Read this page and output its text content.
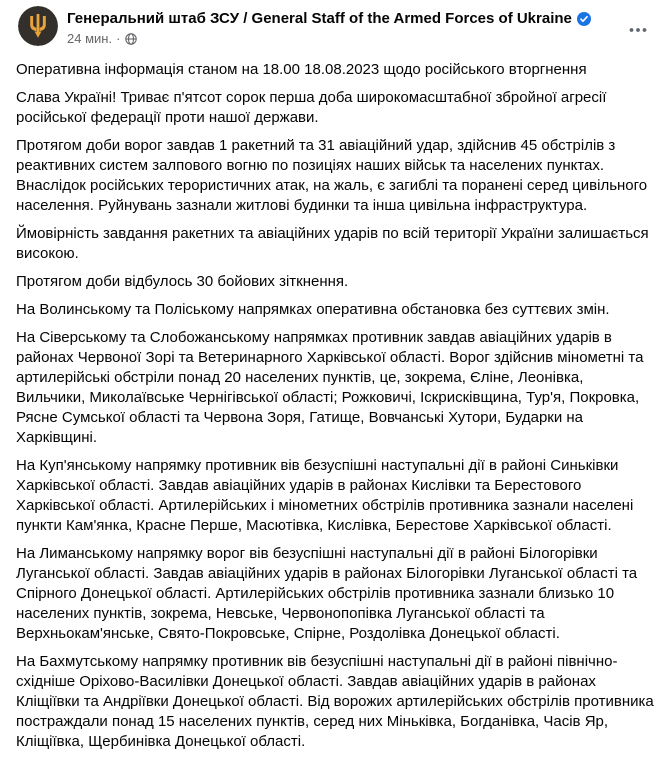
Генеральний штаб ЗСУ / General Staff of the Armed Forces of Ukraine
24 мин. ·

Оперативна інформація станом на 18.00 18.08.2023 щодо російського вторгнення

Слава Україні! Триває п'ятсот сорок перша доба широкомасштабної збройної агресії російської федерації проти нашої держави.

Протягом доби ворог завдав 1 ракетний та 31 авіаційний удар, здійснив 45 обстрілів з реактивних систем залпового вогню по позиціях наших військ та населених пунктах. Внаслідок російських терористичних атак, на жаль, є загиблі та поранені серед цивільного населення. Руйнувань зазнали житлові будинки та інша цивільна інфраструктура.

Ймовірність завдання ракетних та авіаційних ударів по всій території України залишається високою.

Протягом доби відбулось 30 бойових зіткнення.

На Волинському та Поліському напрямках оперативна обстановка без суттєвих змін.

На Сіверському та Слобожанському напрямках противник завдав авіаційних ударів в районах Червоної Зорі та Ветеринарного Харківської області. Ворог здійснив мінометні та артилерійські обстріли понад 20 населених пунктів, це, зокрема, Єліне, Леонівка, Вильчики, Миколаївське Чернігівської області; Рожковичі, Іскрисківщина, Тур'я, Покровка, Рясне Сумської області та Червона Зоря, Гатище, Вовчанські Хутори, Бударки на Харківщині.

На Куп'янському напрямку противник вів безуспішні наступальні дії в районі Синьківки Харківської області. Завдав авіаційних ударів в районах Кислівки та Берестового Харківської області. Артилерійських і мінометних обстрілів противника зазнали населені пункти Кам'янка, Красне Перше, Масютівка, Кислівка, Берестове Харківської області.

На Лиманському напрямку ворог вів безуспішні наступальні дії в районі Білогорівки Луганської області. Завдав авіаційних ударів в районах Білогорівки Луганської області та Спірного Донецької області. Артилерійських обстрілів противника зазнали близько 10 населених пунктів, зокрема, Невське, Червонопопівка Луганської області та Верхньокам'янське, Свято-Покровське, Спірне, Роздолівка Донецької області.

На Бахмутському напрямку противник вів безуспішні наступальні дії в районі північно-східніше Оріхово-Василівки Донецької області. Завдав авіаційних ударів в районах Кліщіївки та Андріївки Донецької області. Від ворожих артилерійських обстрілів противника постраждали понад 15 населених пунктів, серед них Міньківка, Богданівка, Часів Яр, Кліщіївка, Щербинівка Донецької області.
